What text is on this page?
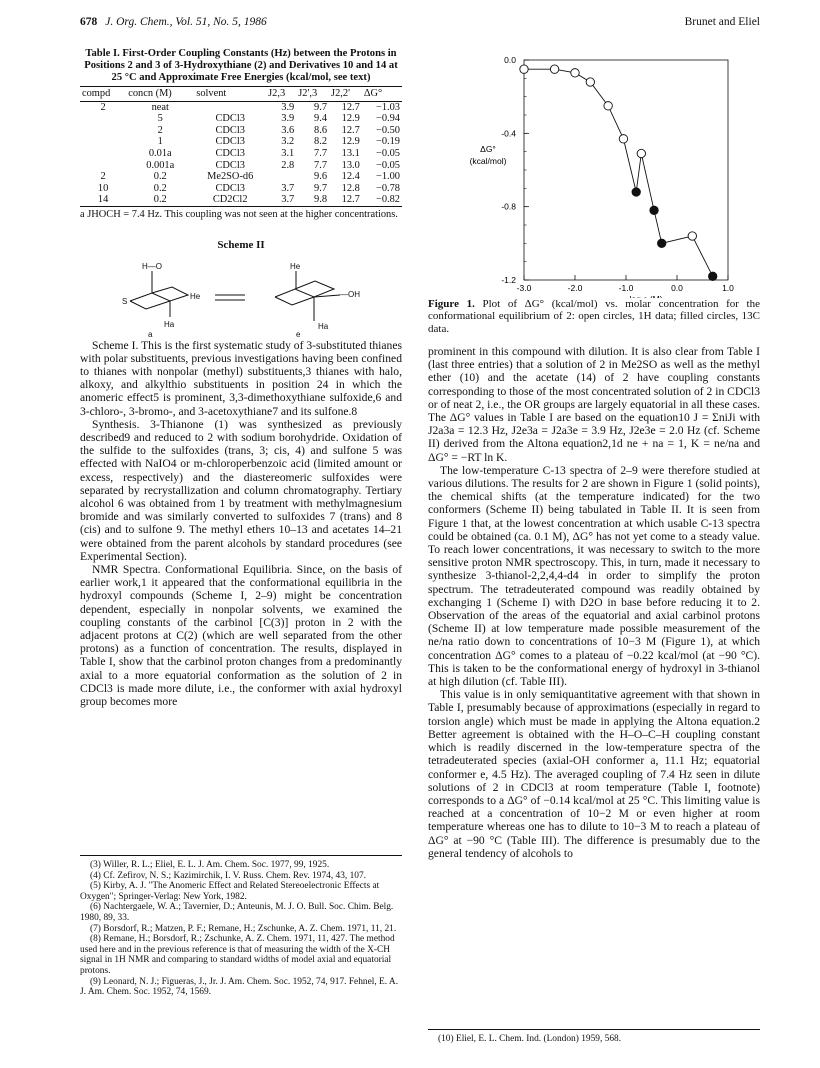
678 J. Org. Chem., Vol. 51, No. 5, 1986	Brunet and Eliel
Table I. First-Order Coupling Constants (Hz) between the Protons in Positions 2 and 3 of 3-Hydroxythiane (2) and Derivatives 10 and 14 at 25 °C and Approximate Free Energies (kcal/mol, see text)
compd	concn (M)	solvent	J2,3	J2',3	J2,2'	ΔG°
2	neat		3.9	9.7	12.7	−1.03
	5	CDCl3	3.9	9.4	12.9	−0.94
	2	CDCl3	3.6	8.6	12.7	−0.50
	1	CDCl3	3.2	8.2	12.9	−0.19
	0.01a	CDCl3	3.1	7.7	13.1	−0.05
	0.001a	CDCl3	2.8	7.7	13.0	−0.05
2	0.2	Me2SO-d6		9.6	12.4	−1.00
10	0.2	CDCl3	3.7	9.7	12.8	−0.78
14	0.2	CD2Cl2	3.7	9.8	12.7	−0.82
a JHOCH = 7.4 Hz. This coupling was not seen at the higher concentrations.
Scheme II
H—O
S
He
Ha
a
—OH
Ha
He
e

Scheme I. This is the first systematic study of 3-substituted thianes with polar substituents, previous investigations having been confined to thianes with nonpolar (methyl) substituents,3 thianes with halo, alkoxy, and alkylthio substituents in position 24 in which the anomeric effect5 is prominent, 3,3-dimethoxythiane sulfoxide,6 and 3-chloro-, 3-bromo-, and 3-acetoxythiane7 and its sulfone.8

Synthesis. 3-Thianone (1) was synthesized as previously described9 and reduced to 2 with sodium borohydride. Oxidation of the sulfide to the sulfoxides (trans, 3; cis, 4) and sulfone 5 was effected with NaIO4 or m-chloroperbenzoic acid (limited amount or excess, respectively) and the diastereomeric sulfoxides were separated by recrystallization and column chromatography. Tertiary alcohol 6 was obtained from 1 by treatment with methylmagnesium bromide and was similarly converted to sulfoxides 7 (trans) and 8 (cis) and to sulfone 9. The methyl ethers 10–13 and acetates 14–21 were obtained from the parent alcohols by standard procedures (see Experimental Section).

NMR Spectra. Conformational Equilibria. Since, on the basis of earlier work,1 it appeared that the conformational equilibria in the hydroxyl compounds (Scheme I, 2–9) might be concentration dependent, especially in nonpolar solvents, we examined the coupling constants of the carbinol [C(3)] proton in 2 with the adjacent protons at C(2) (which are well separated from the other protons) as a function of concentration. The results, displayed in Table I, show that the carbinol proton changes from a predominantly axial to a more equatorial conformation as the solution of 2 in CDCl3 is made more dilute, i.e., the conformer with axial hydroxyl group becomes more

(3) Willer, R. L.; Eliel, E. L. J. Am. Chem. Soc. 1977, 99, 1925.
(4) Cf. Zefirov, N. S.; Kazimirchik, I. V. Russ. Chem. Rev. 1974, 43, 107.
(5) Kirby, A. J. "The Anomeric Effect and Related Stereoelectronic Effects at Oxygen"; Springer-Verlag: New York, 1982.
(6) Nachtergaele, W. A.; Tavernier, D.; Anteunis, M. J. O. Bull. Soc. Chim. Belg. 1980, 89, 33.
(7) Borsdorf, R.; Matzen, P. F.; Remane, H.; Zschunke, A. Z. Chem. 1971, 11, 21.
(8) Remane, H.; Borsdorf, R.; Zschunke, A. Z. Chem. 1971, 11, 427. The method used here and in the previous reference is that of measuring the width of the X-CH signal in 1H NMR and comparing to standard widths of model axial and equatorial protons.
(9) Leonard, N. J.; Figueras, J., Jr. J. Am. Chem. Soc. 1952, 74, 917. Fehnel, E. A. J. Am. Chem. Soc. 1952, 74, 1569.
0.0
-0.4
-0.8
-1.2
-3.0	-2.0	-1.0	0.0	1.0
ΔG°
(kcal/mol)
Figure 1. Plot of ΔG° (kcal/mol) vs. molar concentration for the conformational equilibrium of 2: open circles, 1H data; filled circles, 13C data.

prominent in this compound with dilution. It is also clear from Table I (last three entries) that a solution of 2 in Me2SO as well as the methyl ether (10) and the acetate (14) of 2 have coupling constants corresponding to those of the most concentrated solution of 2 in CDCl3 or of neat 2, i.e., the OR groups are largely equatorial in all these cases. The ΔG° values in Table I are based on the equation10 J = ΣniJi with J2a3a = 12.3 Hz, J2e3a = J2a3e = 3.9 Hz, J2e3e = 2.0 Hz (cf. Scheme II) derived from the Altona equation2,1d ne + na = 1, K = ne/na and ΔG° = −RT ln K.

The low-temperature C-13 spectra of 2–9 were therefore studied at various dilutions. The results for 2 are shown in Figure 1 (solid points), the chemical shifts (at the temperature indicated) for the two conformers (Scheme II) being tabulated in Table II. It is seen from Figure 1 that, at the lowest concentration at which usable C-13 spectra could be obtained (ca. 0.1 M), ΔG° has not yet come to a steady value. To reach lower concentrations, it was necessary to switch to the more sensitive proton NMR spectroscopy. This, in turn, made it necessary to synthesize 3-thianol-2,2,4,4-d4 in order to simplify the proton spectrum. The tetradeuterated compound was readily obtained by exchanging 1 (Scheme I) with D2O in base before reducing it to 2. Observation of the areas of the equatorial and axial carbinol protons (Scheme II) at low temperature made possible measurement of the ne/na ratio down to concentrations of 10−3 M (Figure 1), at which concentration ΔG° comes to a plateau of −0.22 kcal/mol (at −90 °C). This is taken to be the conformational energy of hydroxyl in 3-thianol at high dilution (cf. Table III).

This value is in only semiquantitative agreement with that shown in Table I, presumably because of approximations (especially in regard to torsion angle) which must be made in applying the Altona equation.2 Better agreement is obtained with the H–O–C–H coupling constant which is readily discerned in the low-temperature spectra of the tetradeuterated species (axial-OH conformer a, 11.1 Hz; equatorial conformer e, 4.5 Hz). The averaged coupling of 7.4 Hz seen in dilute solutions of 2 in CDCl3 at room temperature (Table I, footnote) corresponds to a ΔG° of −0.14 kcal/mol at 25 °C. This limiting value is reached at a concentration of 10−2 M or even higher at room temperature whereas one has to dilute to 10−3 M to reach a plateau of ΔG° at −90 °C (Table III). The difference is presumably due to the general tendency of alcohols to

(10) Eliel, E. L. Chem. Ind. (London) 1959, 568.
